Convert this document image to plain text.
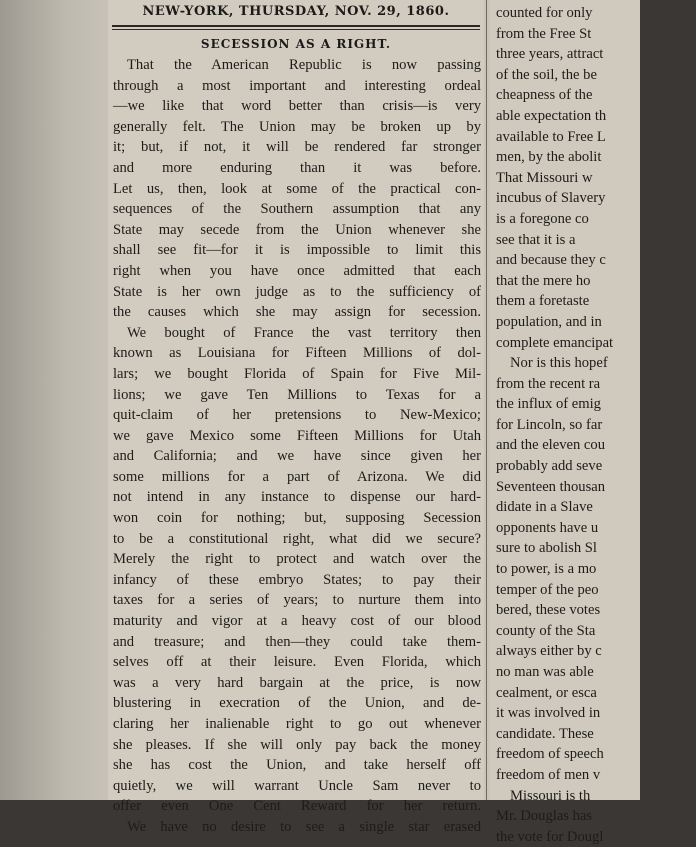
NEW-YORK, THURSDAY, NOV. 29, 1860.
SECESSION AS A RIGHT.
That the American Republic is now passing
through a most important and interesting ordeal
—we like that word better than crisis—is very
generally felt. The Union may be broken up by
it; but, if not, it will be rendered far stronger
and more enduring than it was before.
Let us, then, look at some of the practical con-
sequences of the Southern assumption that any
State may secede from the Union whenever she
shall see fit—for it is impossible to limit this
right when you have once admitted that each
State is her own judge as to the sufficiency of
the causes which she may assign for secession.
We bought of France the vast territory then
known as Louisiana for Fifteen Millions of dol-
lars; we bought Florida of Spain for Five Mil-
lions; we gave Ten Millions to Texas for a
quit-claim of her pretensions to New-Mexico;
we gave Mexico some Fifteen Millions for Utah
and California; and we have since given her
some millions for a part of Arizona. We did
not intend in any instance to dispense our hard-
won coin for nothing; but, supposing Secession
to be a constitutional right, what did we secure?
Merely the right to protect and watch over the
infancy of these embryo States; to pay their
taxes for a series of years; to nurture them into
maturity and vigor at a heavy cost of our blood
and treasure; and then—they could take them-
selves off at their leisure. Even Florida, which
was a very hard bargain at the price, is now
blustering in execration of the Union, and de-
claring her inalienable right to go out whenever
she pleases. If she will only pay back the money
she has cost the Union, and take herself off
quietly, we will warrant Uncle Sam never to
offer even One Cent Reward for her return.
We have no desire to see a single star erased
counted for only
from the Free St
three years, attract
of the soil, the be
cheapness of the
able expectation th
available to Free L
men, by the abolit
That Missouri w
incubus of Slavery
is a foregone co
see that it is a
and because they c
that the mere ho
them a foretaste
population, and in
complete emancipat
Nor is this hopef
from the recent ra
the influx of emig
for Lincoln, so far
and the eleven cou
probably add seve
Seventeen thousan
didate in a Slave
opponents have u
sure to abolish Sl
to power, is a mo
temper of the peo
bered, these votes
county of the Sta
always either by c
no man was able
cealment, or esca
it was involved in
candidate. These
freedom of speech
freedom of men v
Missouri is th
Mr. Douglas has
the vote for Dougl
